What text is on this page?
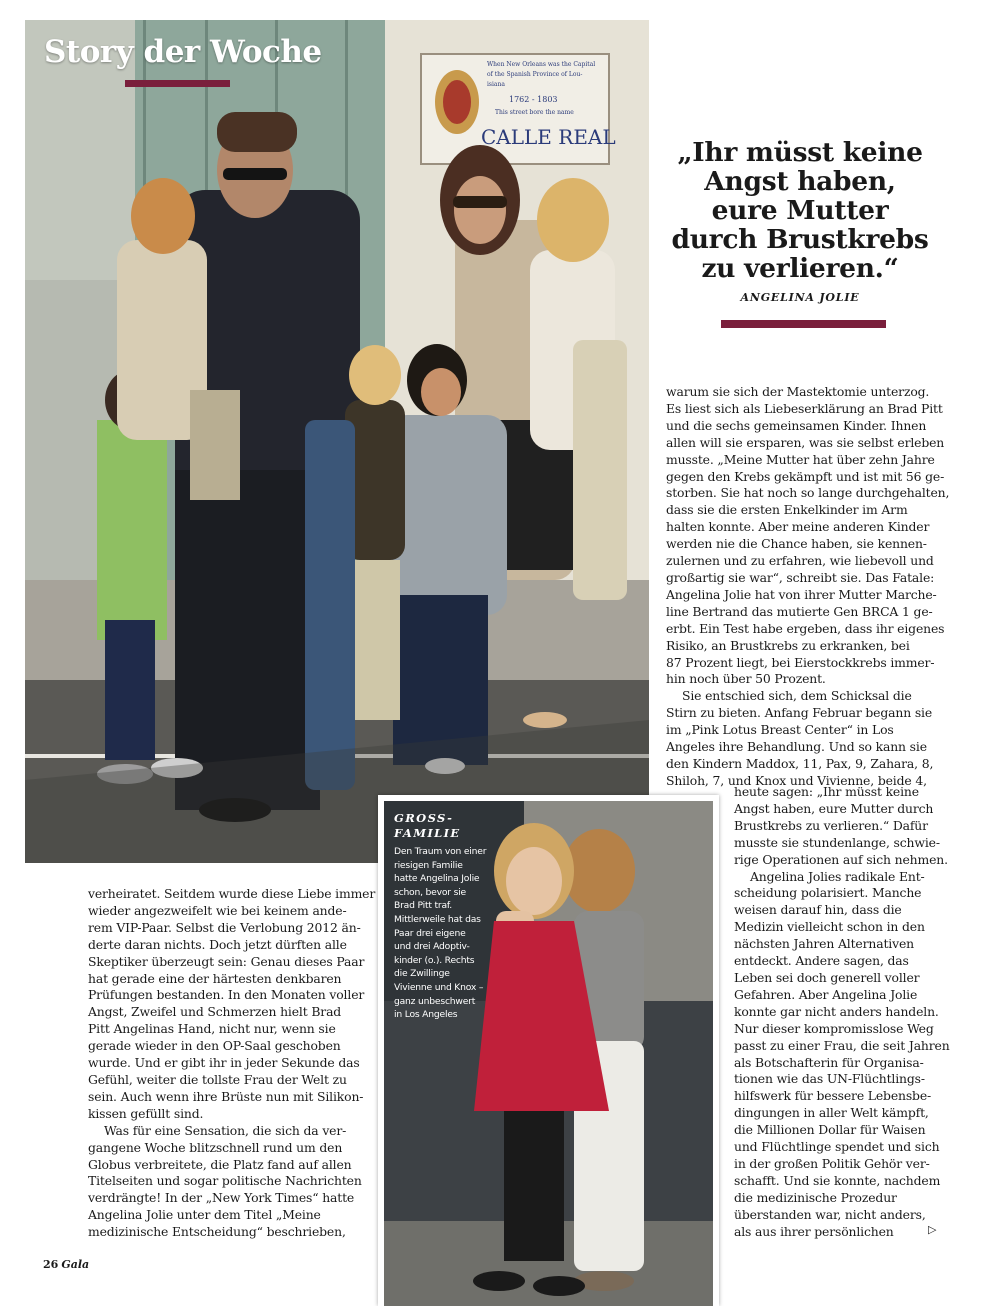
When New Orleans was the Capital
of the Spanish Province of Lou-
isiana
1762 - 1803
This street bore the name
CALLE REAL
Story der Woche
„Ihr müsst keine
Angst haben,
eure Mutter
durch Brustkrebs
zu verlieren.“
ANGELINA JOLIE

verheiratet. Seitdem wurde diese Liebe immer
wieder angezweifelt wie bei keinem ande-
rem VIP-Paar. Selbst die Verlobung 2012 än-
derte daran nichts. Doch jetzt dürften alle
Skeptiker überzeugt sein: Genau dieses Paar
hat gerade eine der härtesten denkbaren
Prüfungen bestanden. In den Monaten voller
Angst, Zweifel und Schmerzen hielt Brad
Pitt Angelinas Hand, nicht nur, wenn sie
gerade wieder in den OP-Saal geschoben
wurde. Und er gibt ihr in jeder Sekunde das
Gefühl, weiter die tollste Frau der Welt zu
sein. Auch wenn ihre Brüste nun mit Silikon-
kissen gefüllt sind.

Was für eine Sensation, die sich da ver-
gangene Woche blitzschnell rund um den
Globus verbreitete, die Platz fand auf allen
Titelseiten und sogar politische Nachrichten
verdrängte! In der „New York Times“ hatte
Angelina Jolie unter dem Titel „Meine
medizinische Entscheidung“ beschrieben,

warum sie sich der Mastektomie unterzog.
Es liest sich als Liebeserklärung an Brad Pitt
und die sechs gemeinsamen Kinder. Ihnen
allen will sie ersparen, was sie selbst erleben
musste. „Meine Mutter hat über zehn Jahre
gegen den Krebs gekämpft und ist mit 56 ge-
storben. Sie hat noch so lange durchgehalten,
dass sie die ersten Enkelkinder im Arm
halten konnte. Aber meine anderen Kinder
werden nie die Chance haben, sie kennen-
zulernen und zu erfahren, wie liebevoll und
großartig sie war“, schreibt sie. Das Fatale:
Angelina Jolie hat von ihrer Mutter Marche-
line Bertrand das mutierte Gen BRCA 1 ge-
erbt. Ein Test habe ergeben, dass ihr eigenes
Risiko, an Brustkrebs zu erkranken, bei
87 Prozent liegt, bei Eierstockkrebs immer-
hin noch über 50 Prozent.

Sie entschied sich, dem Schicksal die
Stirn zu bieten. Anfang Februar begann sie
im „Pink Lotus Breast Center“ in Los
Angeles ihre Behandlung. Und so kann sie
den Kindern Maddox, 11, Pax, 9, Zahara, 8,
Shiloh, 7, und Knox und Vivienne, beide 4,

heute sagen: „Ihr müsst keine
Angst haben, eure Mutter durch
Brustkrebs zu verlieren.“ Dafür
musste sie stundenlange, schwie-
rige Operationen auf sich nehmen.

Angelina Jolies radikale Ent-
scheidung polarisiert. Manche
weisen darauf hin, dass die
Medizin vielleicht schon in den
nächsten Jahren Alternativen
entdeckt. Andere sagen, das
Leben sei doch generell voller
Gefahren. Aber Angelina Jolie
konnte gar nicht anders handeln.
Nur dieser kompromisslose Weg
passt zu einer Frau, die seit Jahren
als Botschafterin für Organisa-
tionen wie das UN-Flüchtlings-
hilfswerk für bessere Lebensbe-
dingungen in aller Welt kämpft,
die Millionen Dollar für Waisen
und Flüchtlinge spendet und sich
in der großen Politik Gehör ver-
schafft. Und sie konnte, nachdem
die medizinische Prozedur
überstanden war, nicht anders,
als aus ihrer persönlichen	▷
GROSS-
FAMILIE
Den Traum von einer
riesigen Familie
hatte Angelina Jolie
schon, bevor sie
Brad Pitt traf.
Mittlerweile hat das
Paar drei eigene
und drei Adoptiv-
kinder (o.). Rechts
die Zwillinge
Vivienne und Knox –
ganz unbeschwert
in Los Angeles
26 Gala
